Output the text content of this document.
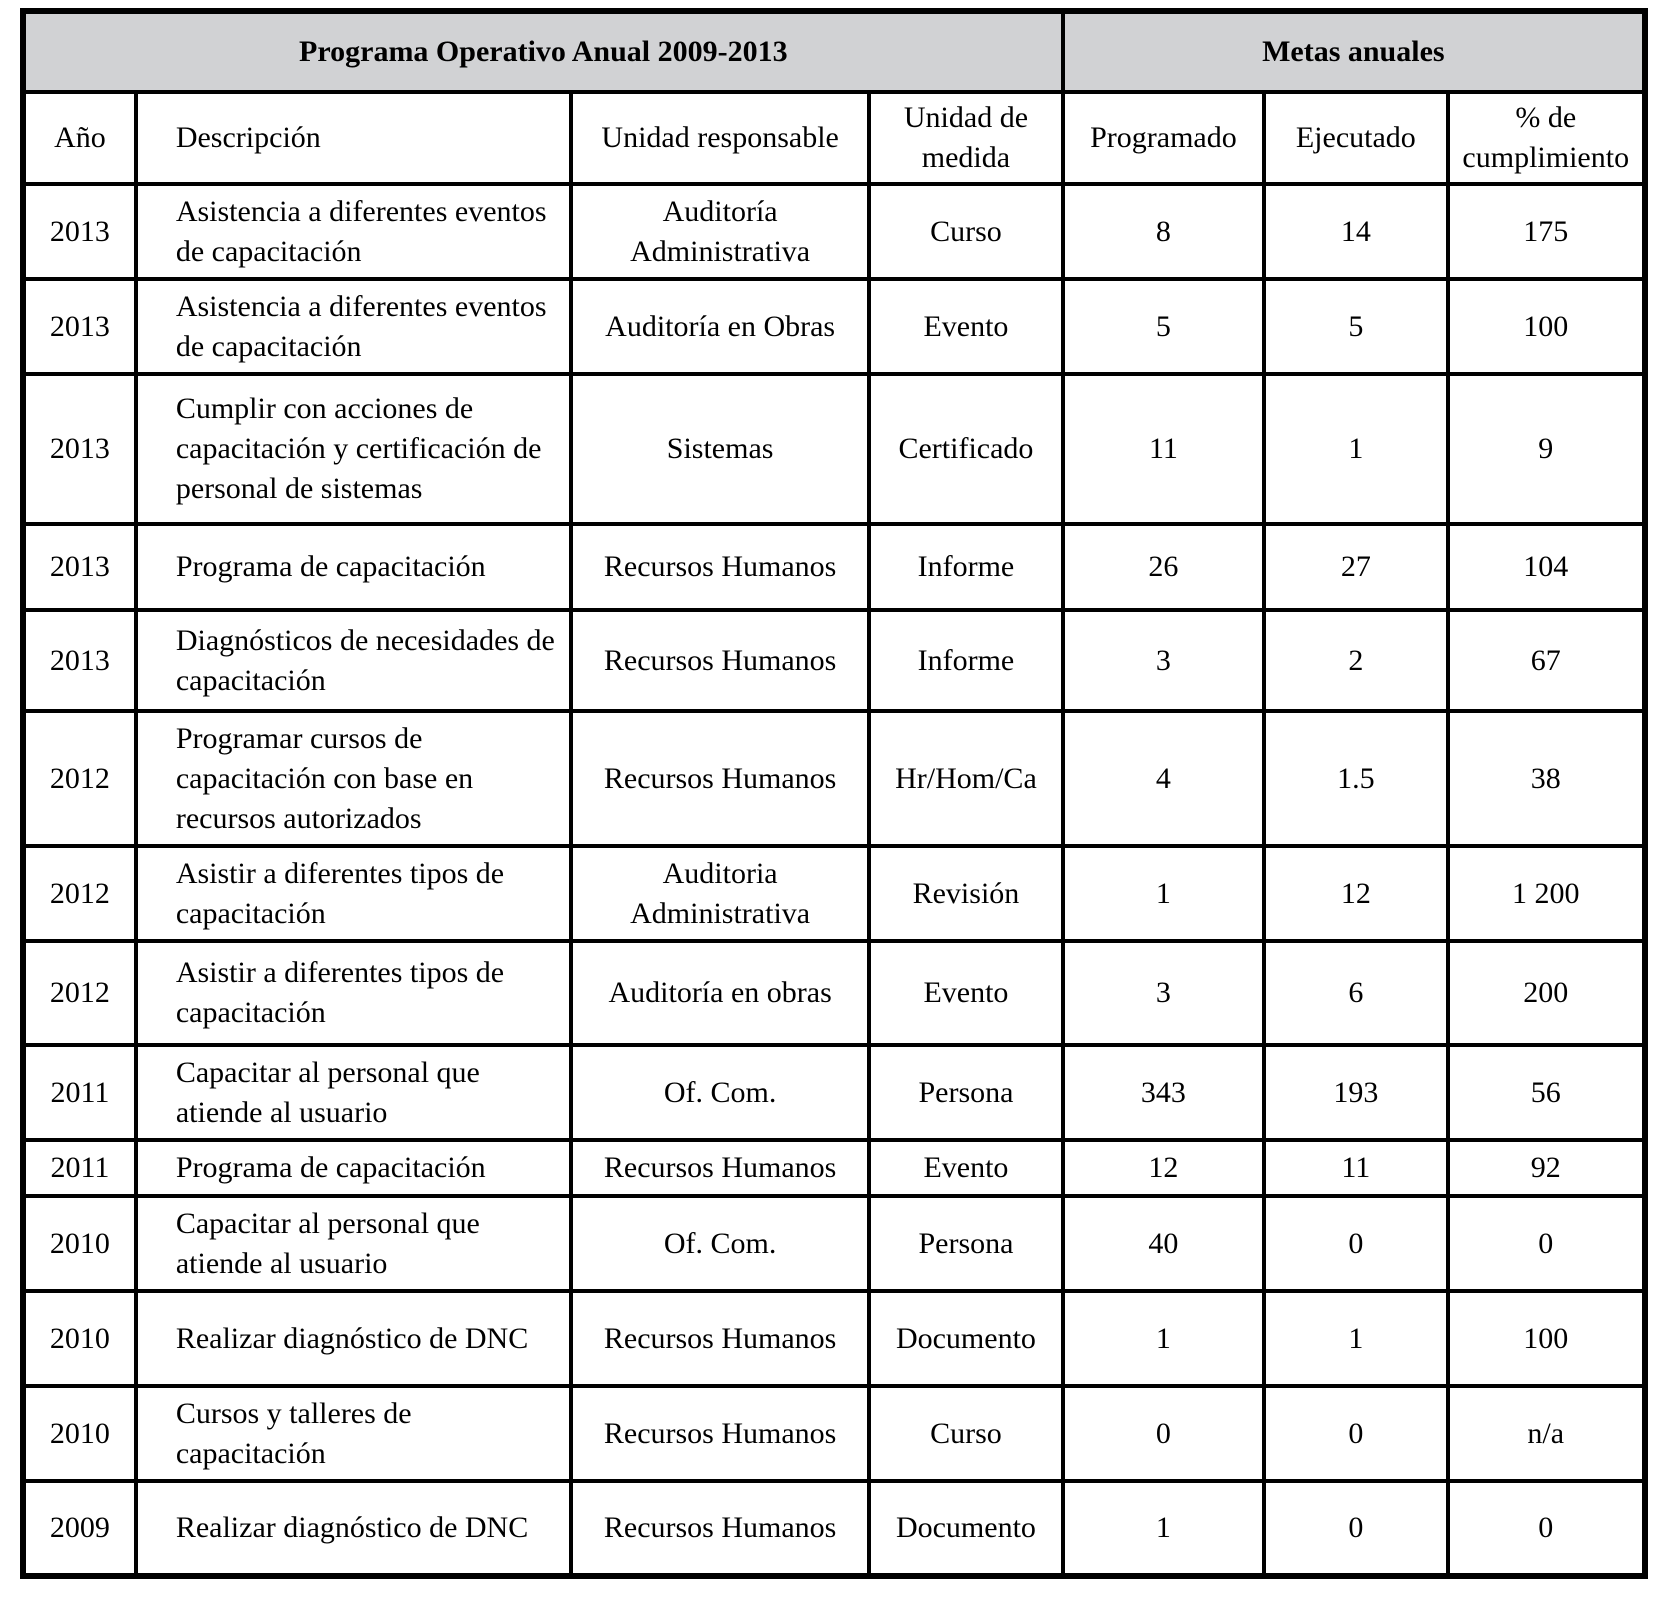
Programa Operativo Anual 2009-2013				Metas anuales		
Año	Descripción	Unidad responsable	Unidad de medida	Programado	Ejecutado	% de cumplimiento
2013	Asistencia a diferentes eventos de capacitación	Auditoría Administrativa	Curso	8	14	175
2013	Asistencia a diferentes eventos de capacitación	Auditoría en Obras	Evento	5	5	100
2013	Cumplir con acciones de capacitación y certificación de personal de sistemas	Sistemas	Certificado	11	1	9
2013	Programa de capacitación	Recursos Humanos	Informe	26	27	104
2013	Diagnósticos de necesidades de capacitación	Recursos Humanos	Informe	3	2	67
2012	Programar cursos de capacitación con base en recursos autorizados	Recursos Humanos	Hr/Hom/Ca	4	1.5	38
2012	Asistir a diferentes tipos de capacitación	Auditoria Administrativa	Revisión	1	12	1 200
2012	Asistir a diferentes tipos de capacitación	Auditoría en obras	Evento	3	6	200
2011	Capacitar al personal que atiende al usuario	Of. Com.	Persona	343	193	56
2011	Programa de capacitación	Recursos Humanos	Evento	12	11	92
2010	Capacitar al personal que atiende al usuario	Of. Com.	Persona	40	0	0
2010	Realizar diagnóstico de DNC	Recursos Humanos	Documento	1	1	100
2010	Cursos y talleres de capacitación	Recursos Humanos	Curso	0	0	n/a
2009	Realizar diagnóstico de DNC	Recursos Humanos	Documento	1	0	0
